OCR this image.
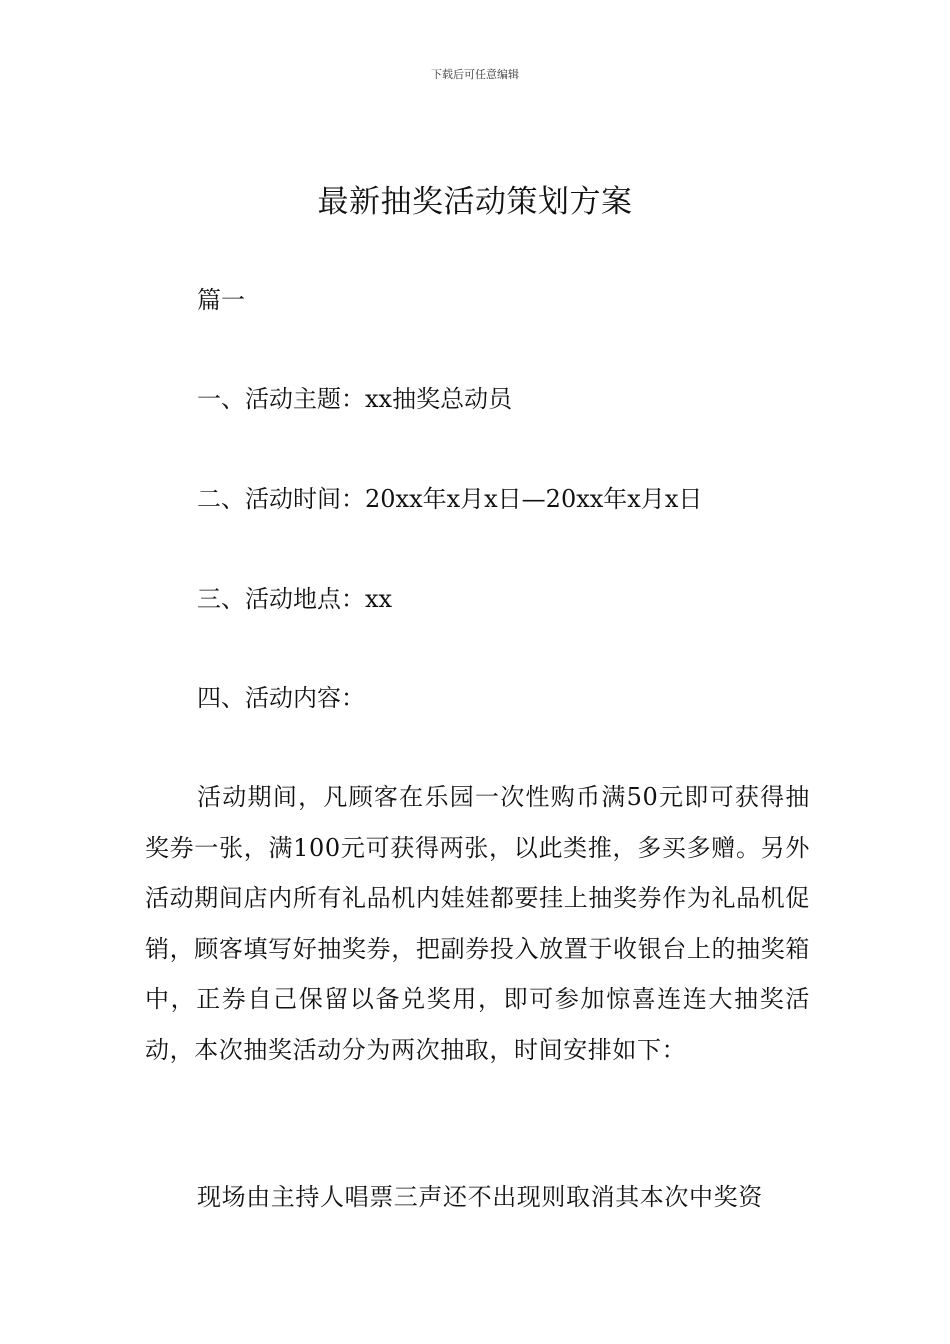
下载后可任意编辑
最新抽奖活动策划方案
篇一
一、活动主题：xx抽奖总动员
二、活动时间：20xx年x月x日—20xx年x月x日
三、活动地点：xx
四、活动内容：

活动期间，凡顾客在乐园一次性购币满50元即可获得抽奖券一张，满100元可获得两张，以此类推，多买多赠。另外活动期间店内所有礼品机内娃娃都要挂上抽奖券作为礼品机促销，顾客填写好抽奖券，把副券投入放置于收银台上的抽奖箱中，正券自己保留以备兑奖用，即可参加惊喜连连大抽奖活动，本次抽奖活动分为两次抽取，时间安排如下：

现场由主持人唱票三声还不出现则取消其本次中奖资
